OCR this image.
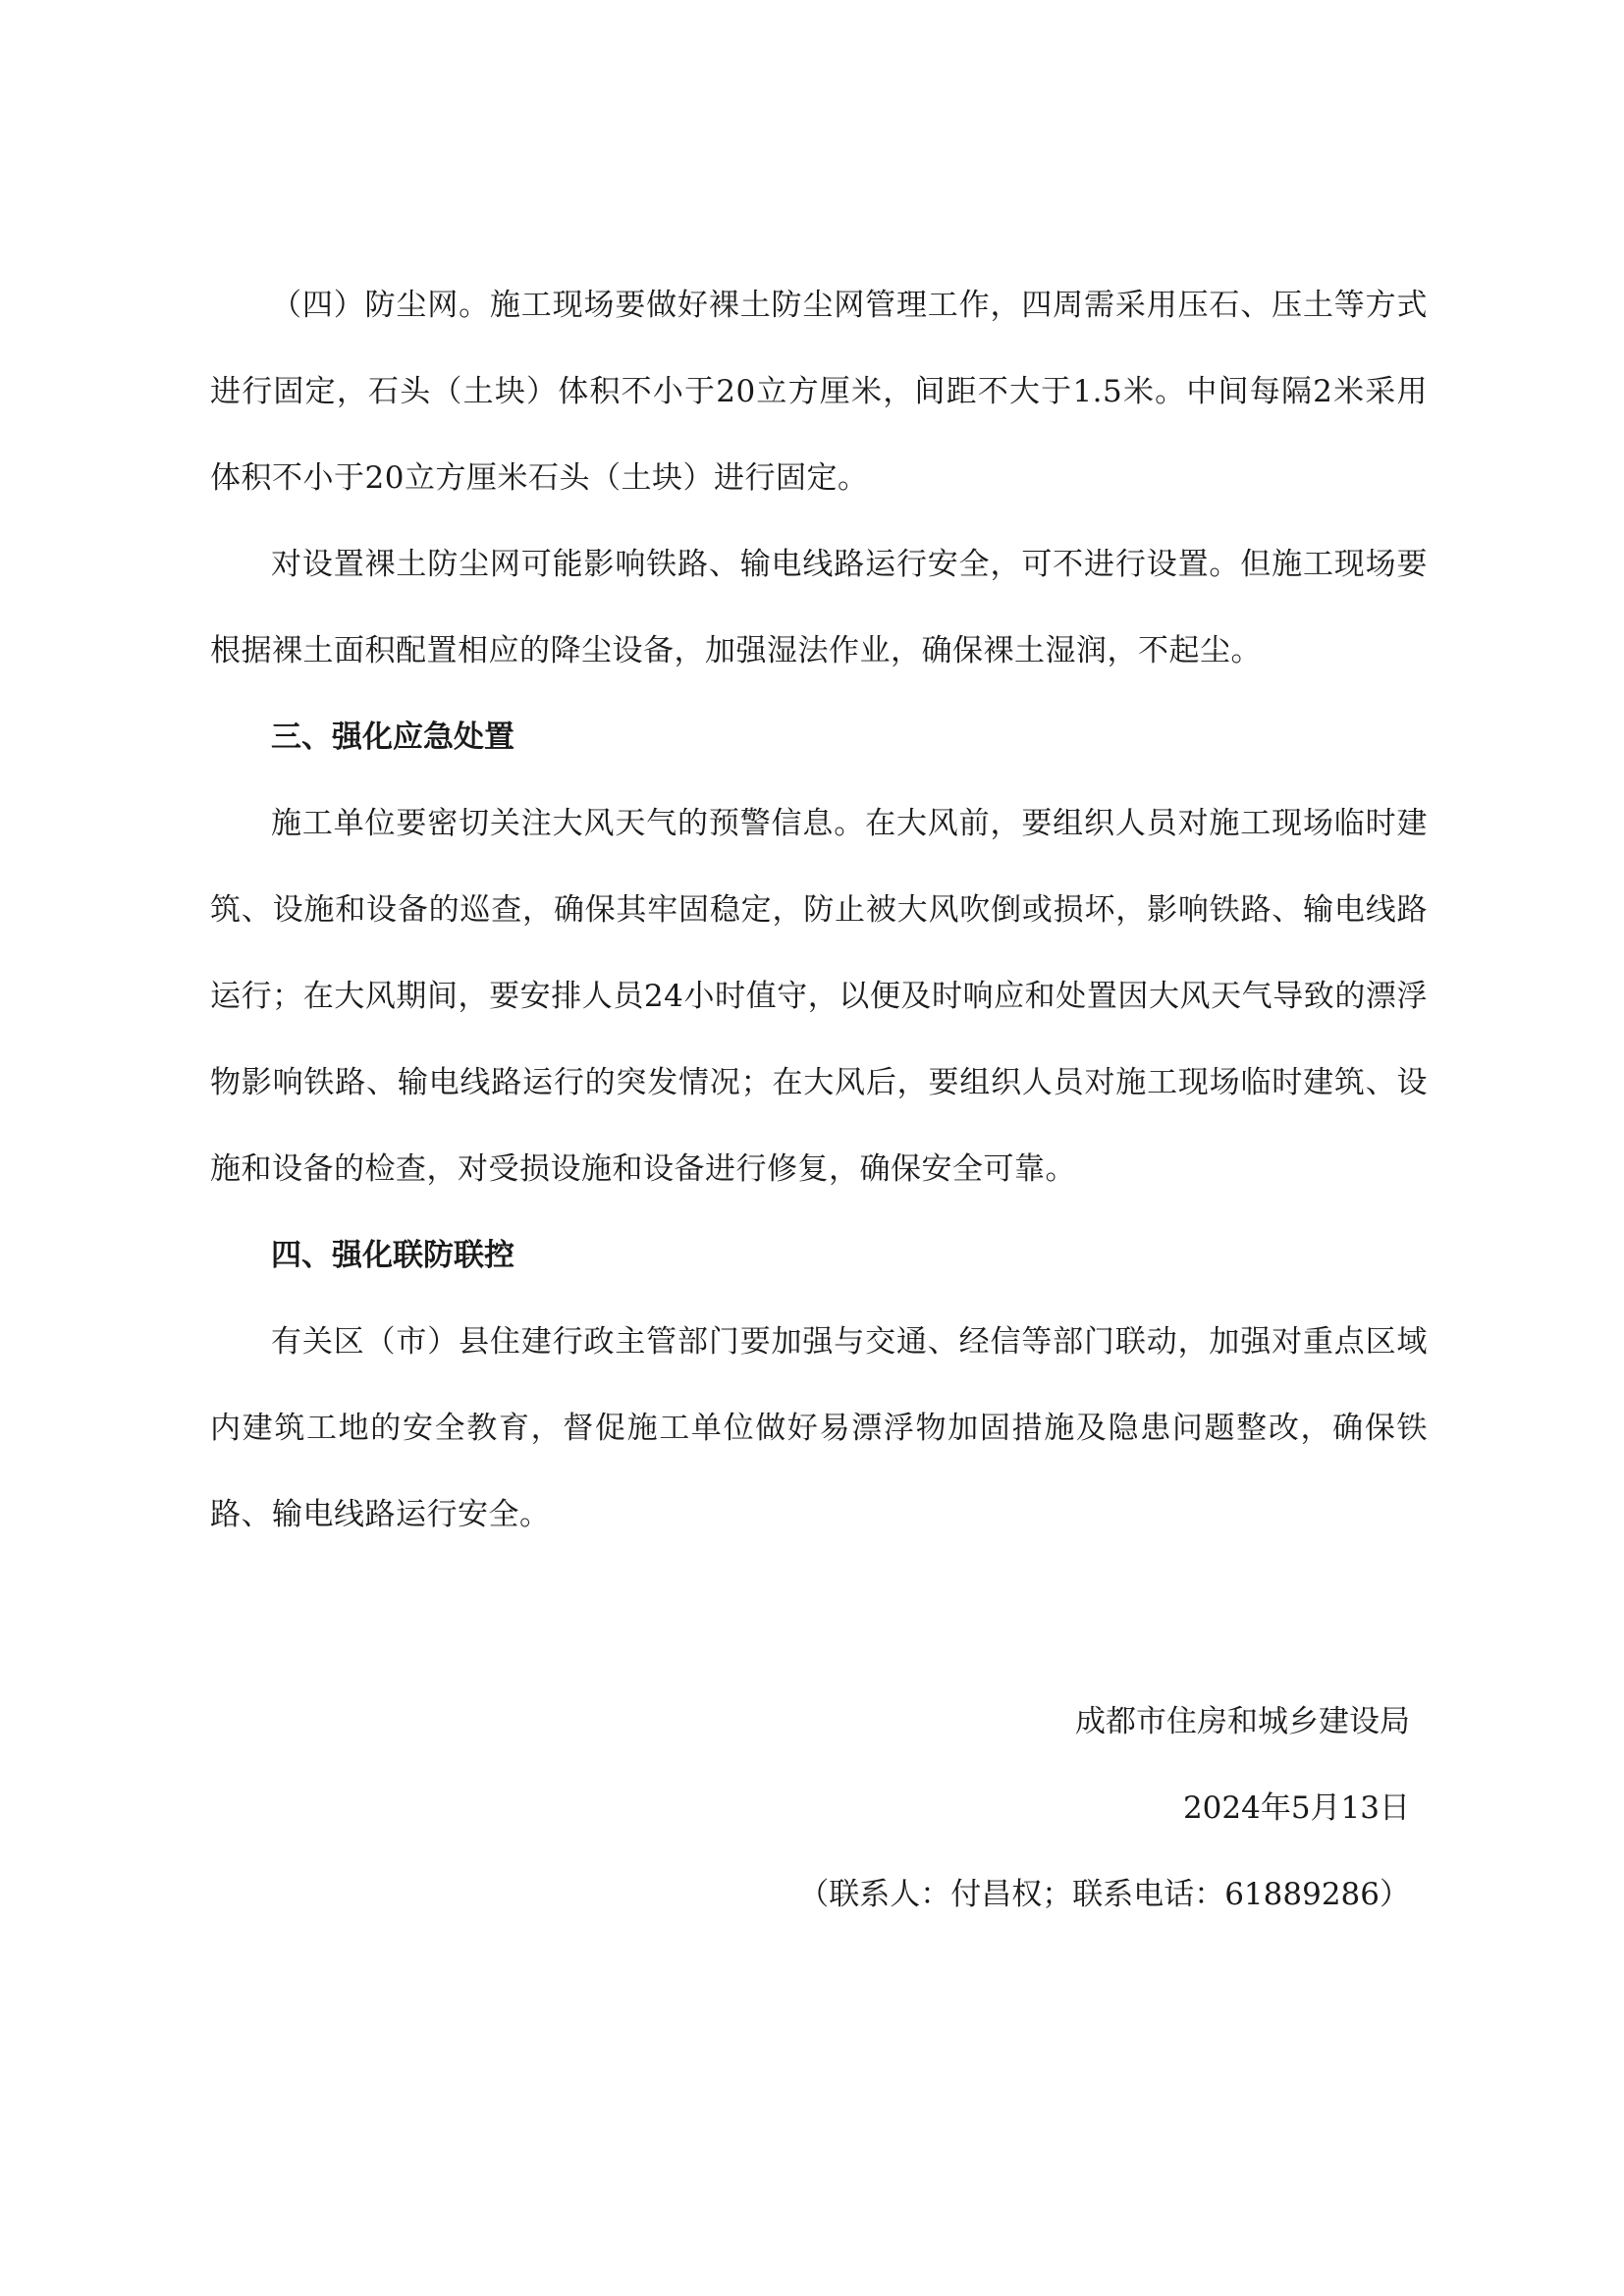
（四）防尘网。施工现场要做好裸土防尘网管理工作，四周需采用压石、压土等方式进行固定，石头（土块）体积不小于20立方厘米，间距不大于1.5米。中间每隔2米采用体积不小于20立方厘米石头（土块）进行固定。

对设置裸土防尘网可能影响铁路、输电线路运行安全，可不进行设置。但施工现场要根据裸土面积配置相应的降尘设备，加强湿法作业，确保裸土湿润，不起尘。

三、强化应急处置

施工单位要密切关注大风天气的预警信息。在大风前，要组织人员对施工现场临时建筑、设施和设备的巡查，确保其牢固稳定，防止被大风吹倒或损坏，影响铁路、输电线路运行；在大风期间，要安排人员24小时值守，以便及时响应和处置因大风天气导致的漂浮物影响铁路、输电线路运行的突发情况；在大风后，要组织人员对施工现场临时建筑、设施和设备的检查，对受损设施和设备进行修复，确保安全可靠。

四、强化联防联控

有关区（市）县住建行政主管部门要加强与交通、经信等部门联动，加强对重点区域内建筑工地的安全教育，督促施工单位做好易漂浮物加固措施及隐患问题整改，确保铁路、输电线路运行安全。

成都市住房和城乡建设局

2024年5月13日

（联系人：付昌权；联系电话：61889286）
